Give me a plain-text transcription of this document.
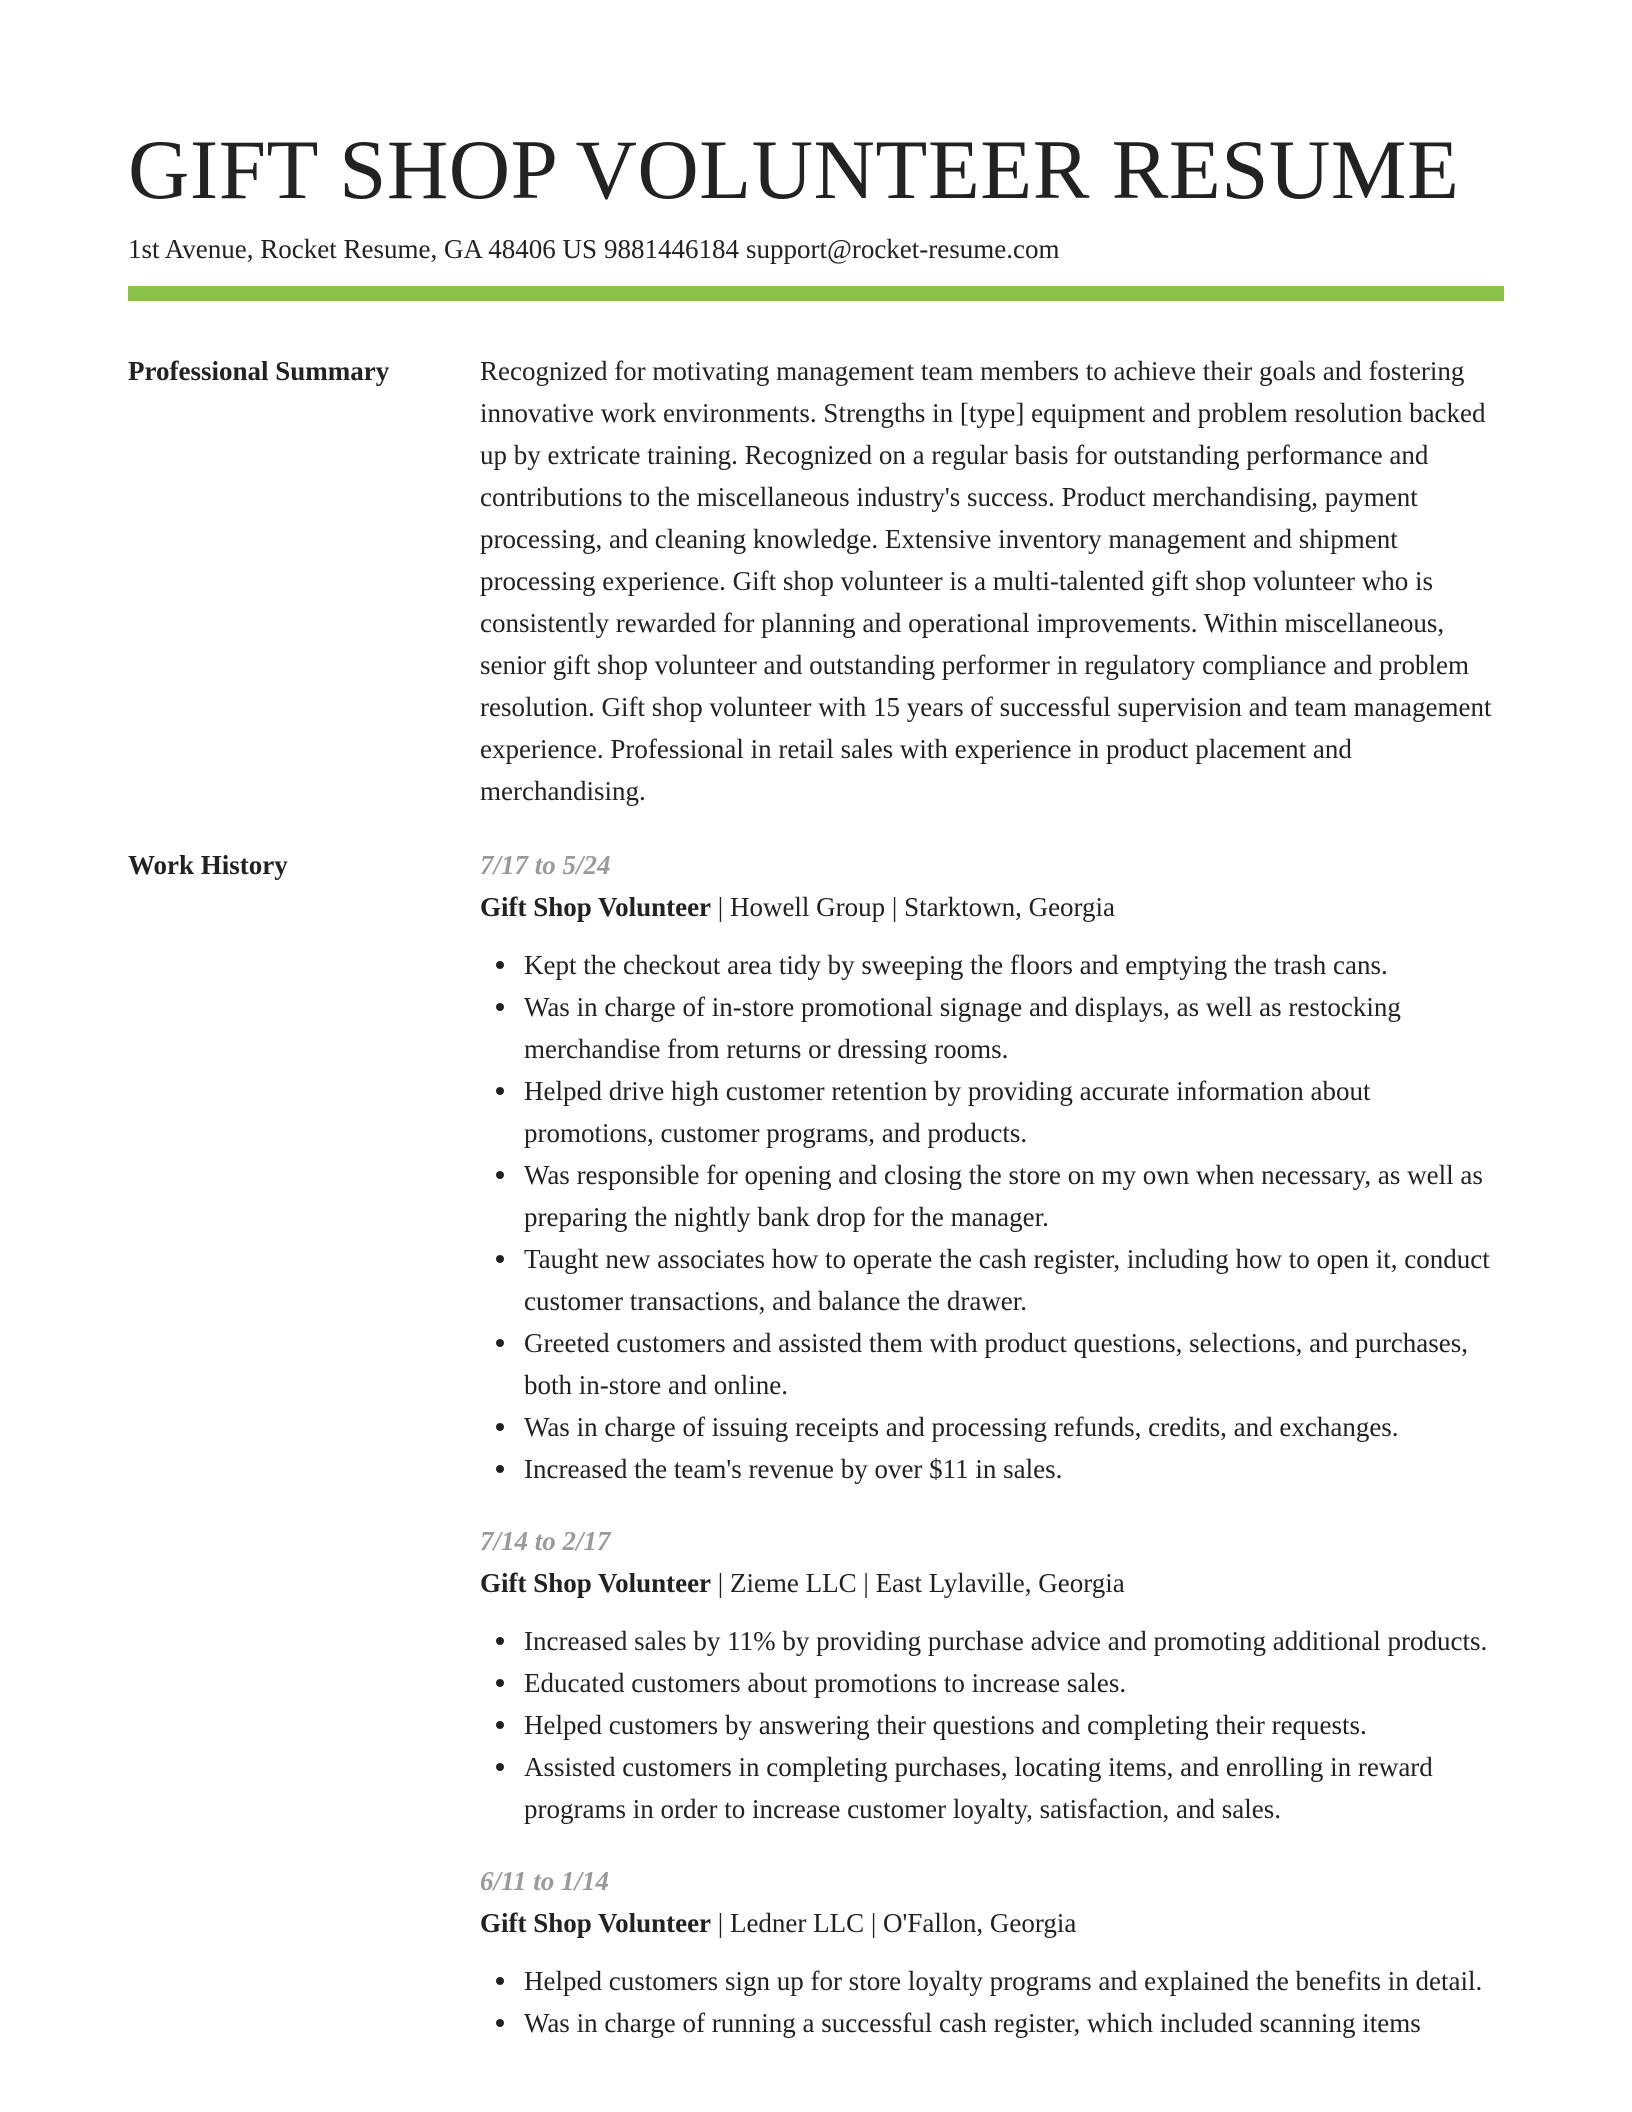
GIFT SHOP VOLUNTEER RESUME
1st Avenue, Rocket Resume, GA 48406 US 9881446184 support@rocket-resume.com
Professional Summary	Recognized for motivating management team members to achieve their goals and fostering innovative work environments. Strengths in [type] equipment and problem resolution backed up by extricate training. Recognized on a regular basis for outstanding performance and contributions to the miscellaneous industry's success. Product merchandising, payment processing, and cleaning knowledge. Extensive inventory management and shipment processing experience. Gift shop volunteer is a multi-talented gift shop volunteer who is consistently rewarded for planning and operational improvements. Within miscellaneous, senior gift shop volunteer and outstanding performer in regulatory compliance and problem resolution. Gift shop volunteer with 15 years of successful supervision and team management experience. Professional in retail sales with experience in product placement and merchandising.

Work History	7/17 to 5/24
Gift Shop Volunteer | Howell Group | Starktown, Georgia
Kept the checkout area tidy by sweeping the floors and emptying the trash cans.
Was in charge of in-store promotional signage and displays, as well as restocking merchandise from returns or dressing rooms.
Helped drive high customer retention by providing accurate information about promotions, customer programs, and products.
Was responsible for opening and closing the store on my own when necessary, as well as preparing the nightly bank drop for the manager.
Taught new associates how to operate the cash register, including how to open it, conduct customer transactions, and balance the drawer.
Greeted customers and assisted them with product questions, selections, and purchases, both in-store and online.
Was in charge of issuing receipts and processing refunds, credits, and exchanges.
Increased the team's revenue by over $11 in sales.
7/14 to 2/17
Gift Shop Volunteer | Zieme LLC | East Lylaville, Georgia
Increased sales by 11% by providing purchase advice and promoting additional products.
Educated customers about promotions to increase sales.
Helped customers by answering their questions and completing their requests.
Assisted customers in completing purchases, locating items, and enrolling in reward programs in order to increase customer loyalty, satisfaction, and sales.
6/11 to 1/14
Gift Shop Volunteer | Ledner LLC | O'Fallon, Georgia
Helped customers sign up for store loyalty programs and explained the benefits in detail.
Was in charge of running a successful cash register, which included scanning items
